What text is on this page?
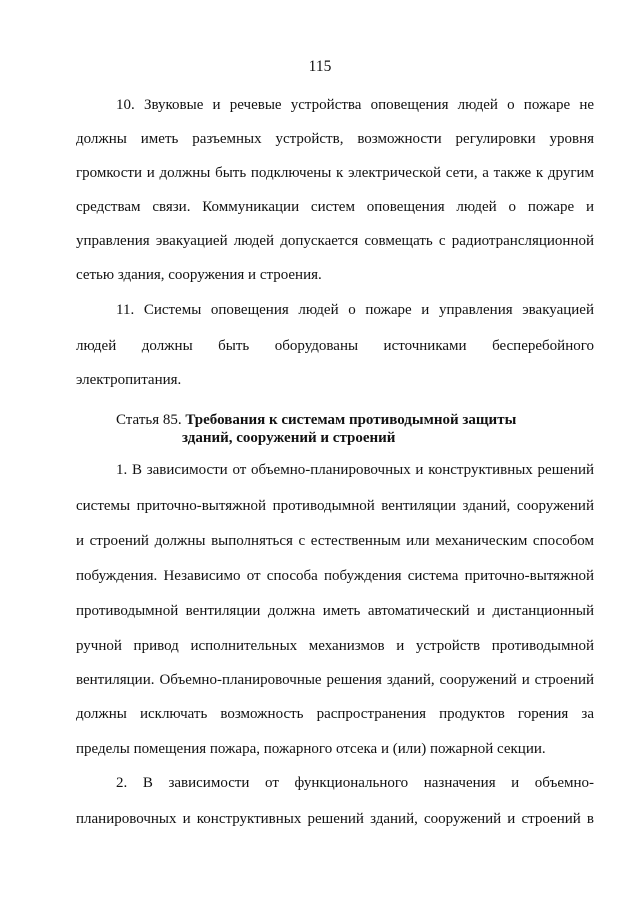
115
10. Звуковые и речевые устройства оповещения людей о пожаре не
должны иметь разъемных устройств, возможности регулировки уровня
громкости и должны быть подключены к электрической сети, а также к другим
средствам связи. Коммуникации систем оповещения людей о пожаре и
управления эвакуацией людей допускается совмещать с радиотрансляционной
сетью здания, сооружения и строения.
11. Системы оповещения людей о пожаре и управления эвакуацией
людей должны быть оборудованы источниками бесперебойного
электропитания.
Статья 85. Требования к системам противодымной защиты
зданий, сооружений и строений
1. В зависимости от объемно-планировочных и конструктивных решений
системы приточно-вытяжной противодымной вентиляции зданий, сооружений
и строений должны выполняться с естественным или механическим способом
побуждения. Независимо от способа побуждения система приточно-вытяжной
противодымной вентиляции должна иметь автоматический и дистанционный
ручной привод исполнительных механизмов и устройств противодымной
вентиляции. Объемно-планировочные решения зданий, сооружений и строений
должны исключать возможность распространения продуктов горения за
пределы помещения пожара, пожарного отсека и (или) пожарной секции.
2. В зависимости от функционального назначения и объемно-
планировочных и конструктивных решений зданий, сооружений и строений в
